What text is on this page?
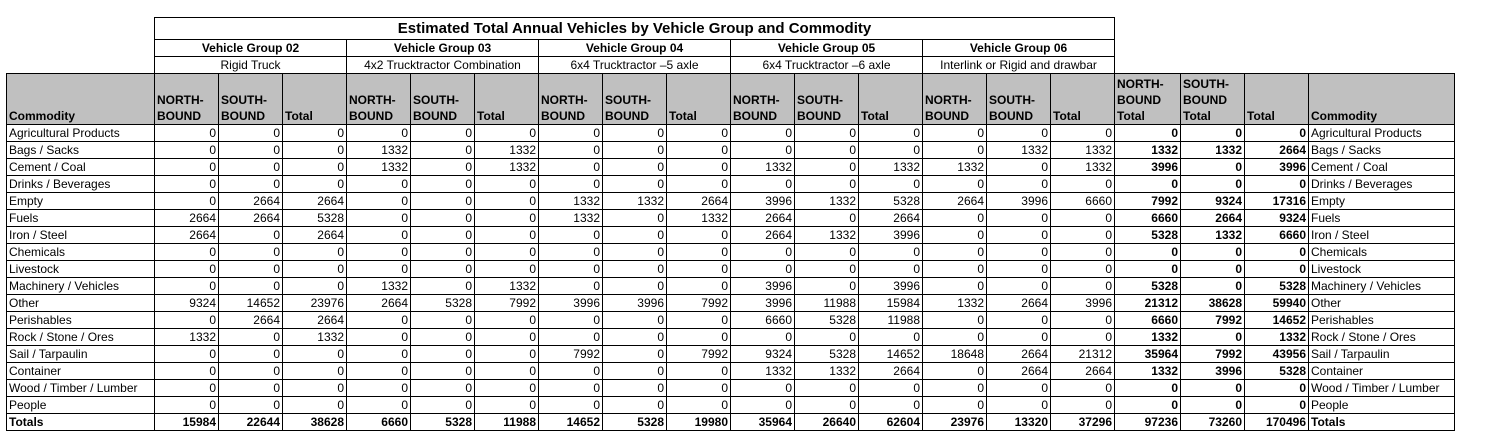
	Estimated Total Annual Vehicles by Vehicle Group and Commodity																		
	Vehicle Group 02			Vehicle Group 03			Vehicle Group 04			Vehicle Group 05			Vehicle Group 06						
	Rigid Truck			4x2 Trucktractor Combination			6x4 Trucktractor –5 axle			6x4 Trucktractor –6 axle			Interlink or Rigid and drawbar						
Commodity	NORTH-BOUND	SOUTH-BOUND	Total	NORTH-BOUND	SOUTH-BOUND	Total	NORTH-BOUND	SOUTH-BOUND	Total	NORTH-BOUND	SOUTH-BOUND	Total	NORTH-BOUND	SOUTH-BOUND	Total	NORTH-BOUND Total	SOUTH-BOUND Total	Total	Commodity
Agricultural Products	0	0	0	0	0	0	0	0	0	0	0	0	0	0	0	0	0	0	Agricultural Products
Bags / Sacks	0	0	0	1332	0	1332	0	0	0	0	0	0	0	1332	1332	1332	1332	2664	Bags / Sacks
Cement / Coal	0	0	0	1332	0	1332	0	0	0	1332	0	1332	1332	0	1332	3996	0	3996	Cement / Coal
Drinks / Beverages	0	0	0	0	0	0	0	0	0	0	0	0	0	0	0	0	0	0	Drinks / Beverages
Empty	0	2664	2664	0	0	0	1332	1332	2664	3996	1332	5328	2664	3996	6660	7992	9324	17316	Empty
Fuels	2664	2664	5328	0	0	0	1332	0	1332	2664	0	2664	0	0	0	6660	2664	9324	Fuels
Iron / Steel	2664	0	2664	0	0	0	0	0	0	2664	1332	3996	0	0	0	5328	1332	6660	Iron / Steel
Chemicals	0	0	0	0	0	0	0	0	0	0	0	0	0	0	0	0	0	0	Chemicals
Livestock	0	0	0	0	0	0	0	0	0	0	0	0	0	0	0	0	0	0	Livestock
Machinery / Vehicles	0	0	0	1332	0	1332	0	0	0	3996	0	3996	0	0	0	5328	0	5328	Machinery / Vehicles
Other	9324	14652	23976	2664	5328	7992	3996	3996	7992	3996	11988	15984	1332	2664	3996	21312	38628	59940	Other
Perishables	0	2664	2664	0	0	0	0	0	0	6660	5328	11988	0	0	0	6660	7992	14652	Perishables
Rock / Stone / Ores	1332	0	1332	0	0	0	0	0	0	0	0	0	0	0	0	1332	0	1332	Rock / Stone / Ores
Sail / Tarpaulin	0	0	0	0	0	0	7992	0	7992	9324	5328	14652	18648	2664	21312	35964	7992	43956	Sail / Tarpaulin
Container	0	0	0	0	0	0	0	0	0	1332	1332	2664	0	2664	2664	1332	3996	5328	Container
Wood / Timber / Lumber	0	0	0	0	0	0	0	0	0	0	0	0	0	0	0	0	0	0	Wood / Timber / Lumber
People	0	0	0	0	0	0	0	0	0	0	0	0	0	0	0	0	0	0	People
Totals	15984	22644	38628	6660	5328	11988	14652	5328	19980	35964	26640	62604	23976	13320	37296	97236	73260	170496	Totals
